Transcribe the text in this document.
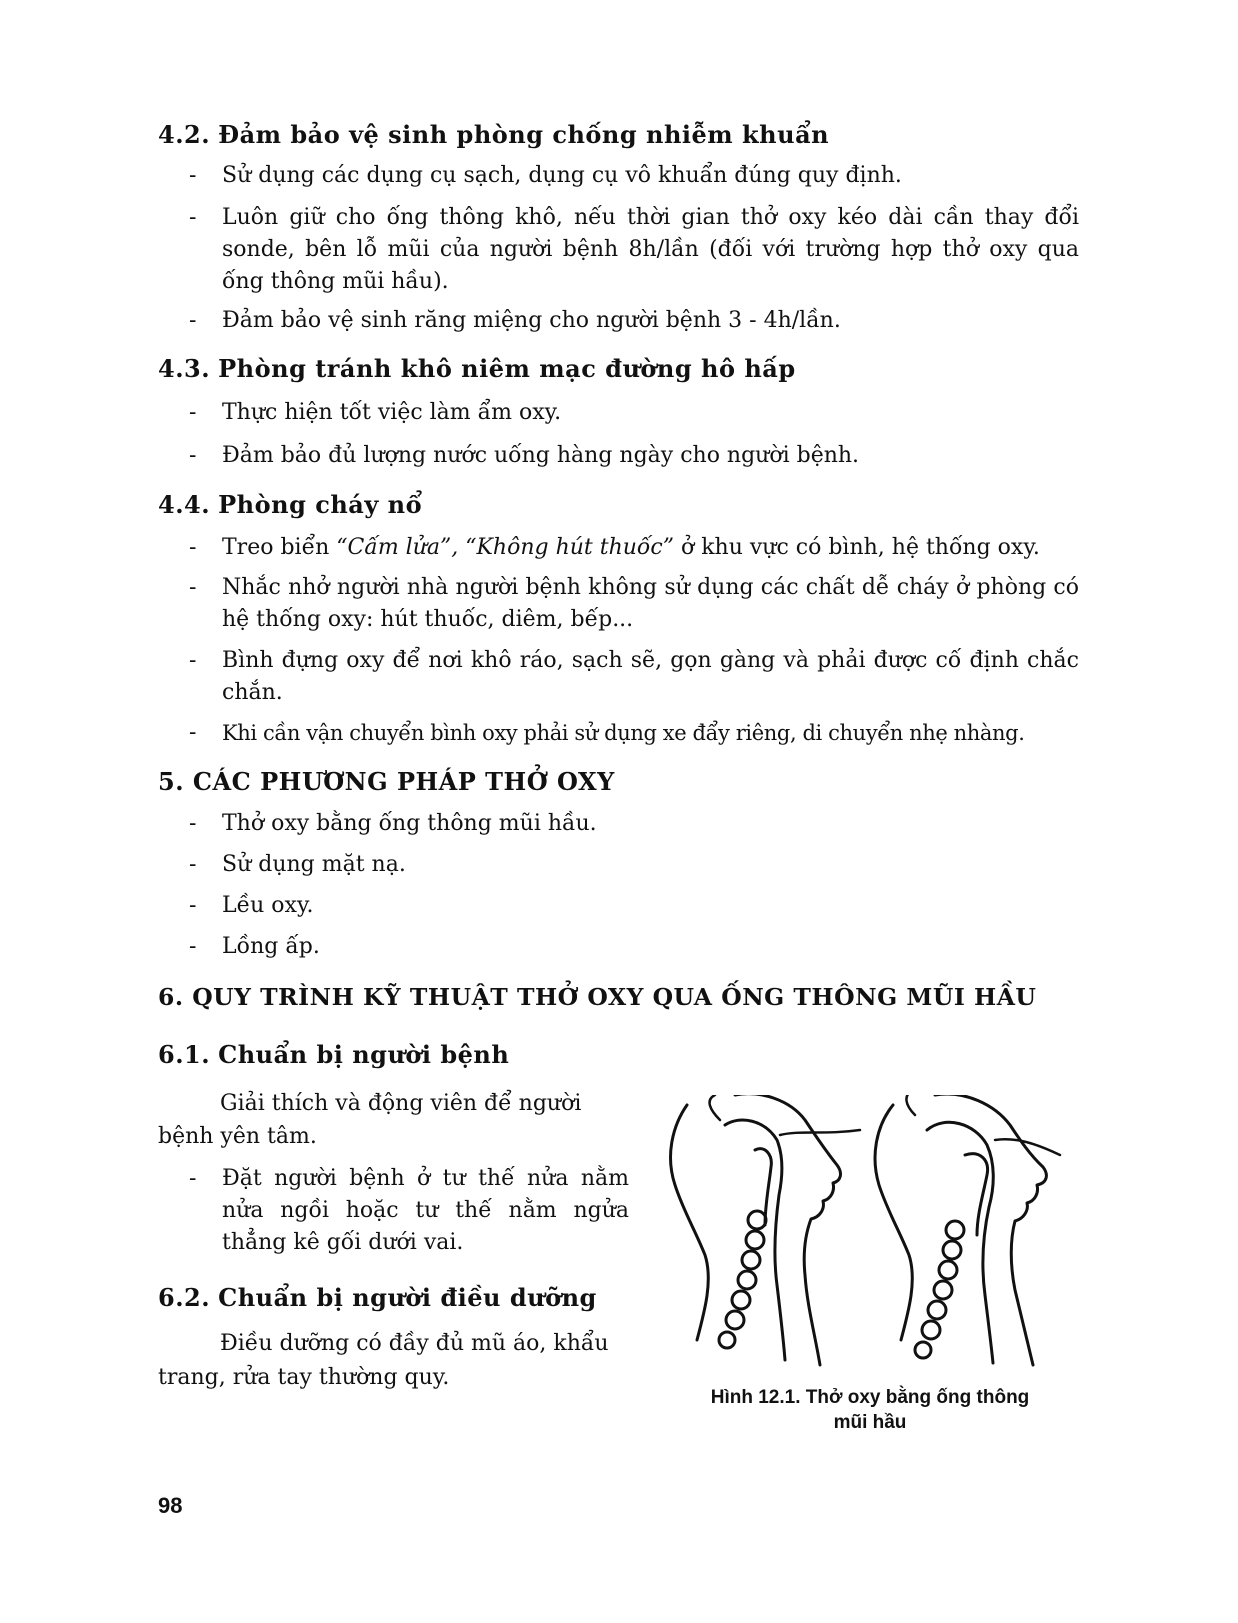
4.2. Đảm bảo vệ sinh phòng chống nhiễm khuẩn
- Sử dụng các dụng cụ sạch, dụng cụ vô khuẩn đúng quy định.
- Luôn giữ cho ống thông khô, nếu thời gian thở oxy kéo dài cần thay đổi sonde, bên lỗ mũi của người bệnh 8h/lần (đối với trường hợp thở oxy qua ống thông mũi hầu).
- Đảm bảo vệ sinh răng miệng cho người bệnh 3 - 4h/lần.
4.3. Phòng tránh khô niêm mạc đường hô hấp
- Thực hiện tốt việc làm ẩm oxy.
- Đảm bảo đủ lượng nước uống hàng ngày cho người bệnh.
4.4. Phòng cháy nổ
- Treo biển “Cấm lửa”, “Không hút thuốc” ở khu vực có bình, hệ thống oxy.
- Nhắc nhở người nhà người bệnh không sử dụng các chất dễ cháy ở phòng có hệ thống oxy: hút thuốc, diêm, bếp...
- Bình đựng oxy để nơi khô ráo, sạch sẽ, gọn gàng và phải được cố định chắc chắn.
- Khi cần vận chuyển bình oxy phải sử dụng xe đẩy riêng, di chuyển nhẹ nhàng.
5. CÁC PHƯƠNG PHÁP THỞ OXY
- Thở oxy bằng ống thông mũi hầu.
- Sử dụng mặt nạ.
- Lều oxy.
- Lồng ấp.
6. QUY TRÌNH KỸ THUẬT THỞ OXY QUA ỐNG THÔNG MŨI HẦU
6.1. Chuẩn bị người bệnh
Giải thích và động viên để người
bệnh yên tâm.
- Đặt người bệnh ở tư thế nửa nằm nửa ngồi hoặc tư thế nằm ngửa thẳng kê gối dưới vai.
6.2. Chuẩn bị người điều dưỡng
Điều dưỡng có đầy đủ mũ áo, khẩu
trang, rửa tay thường quy.
Hình 12.1. Thở oxy bằng ống thông
mũi hầu
98
